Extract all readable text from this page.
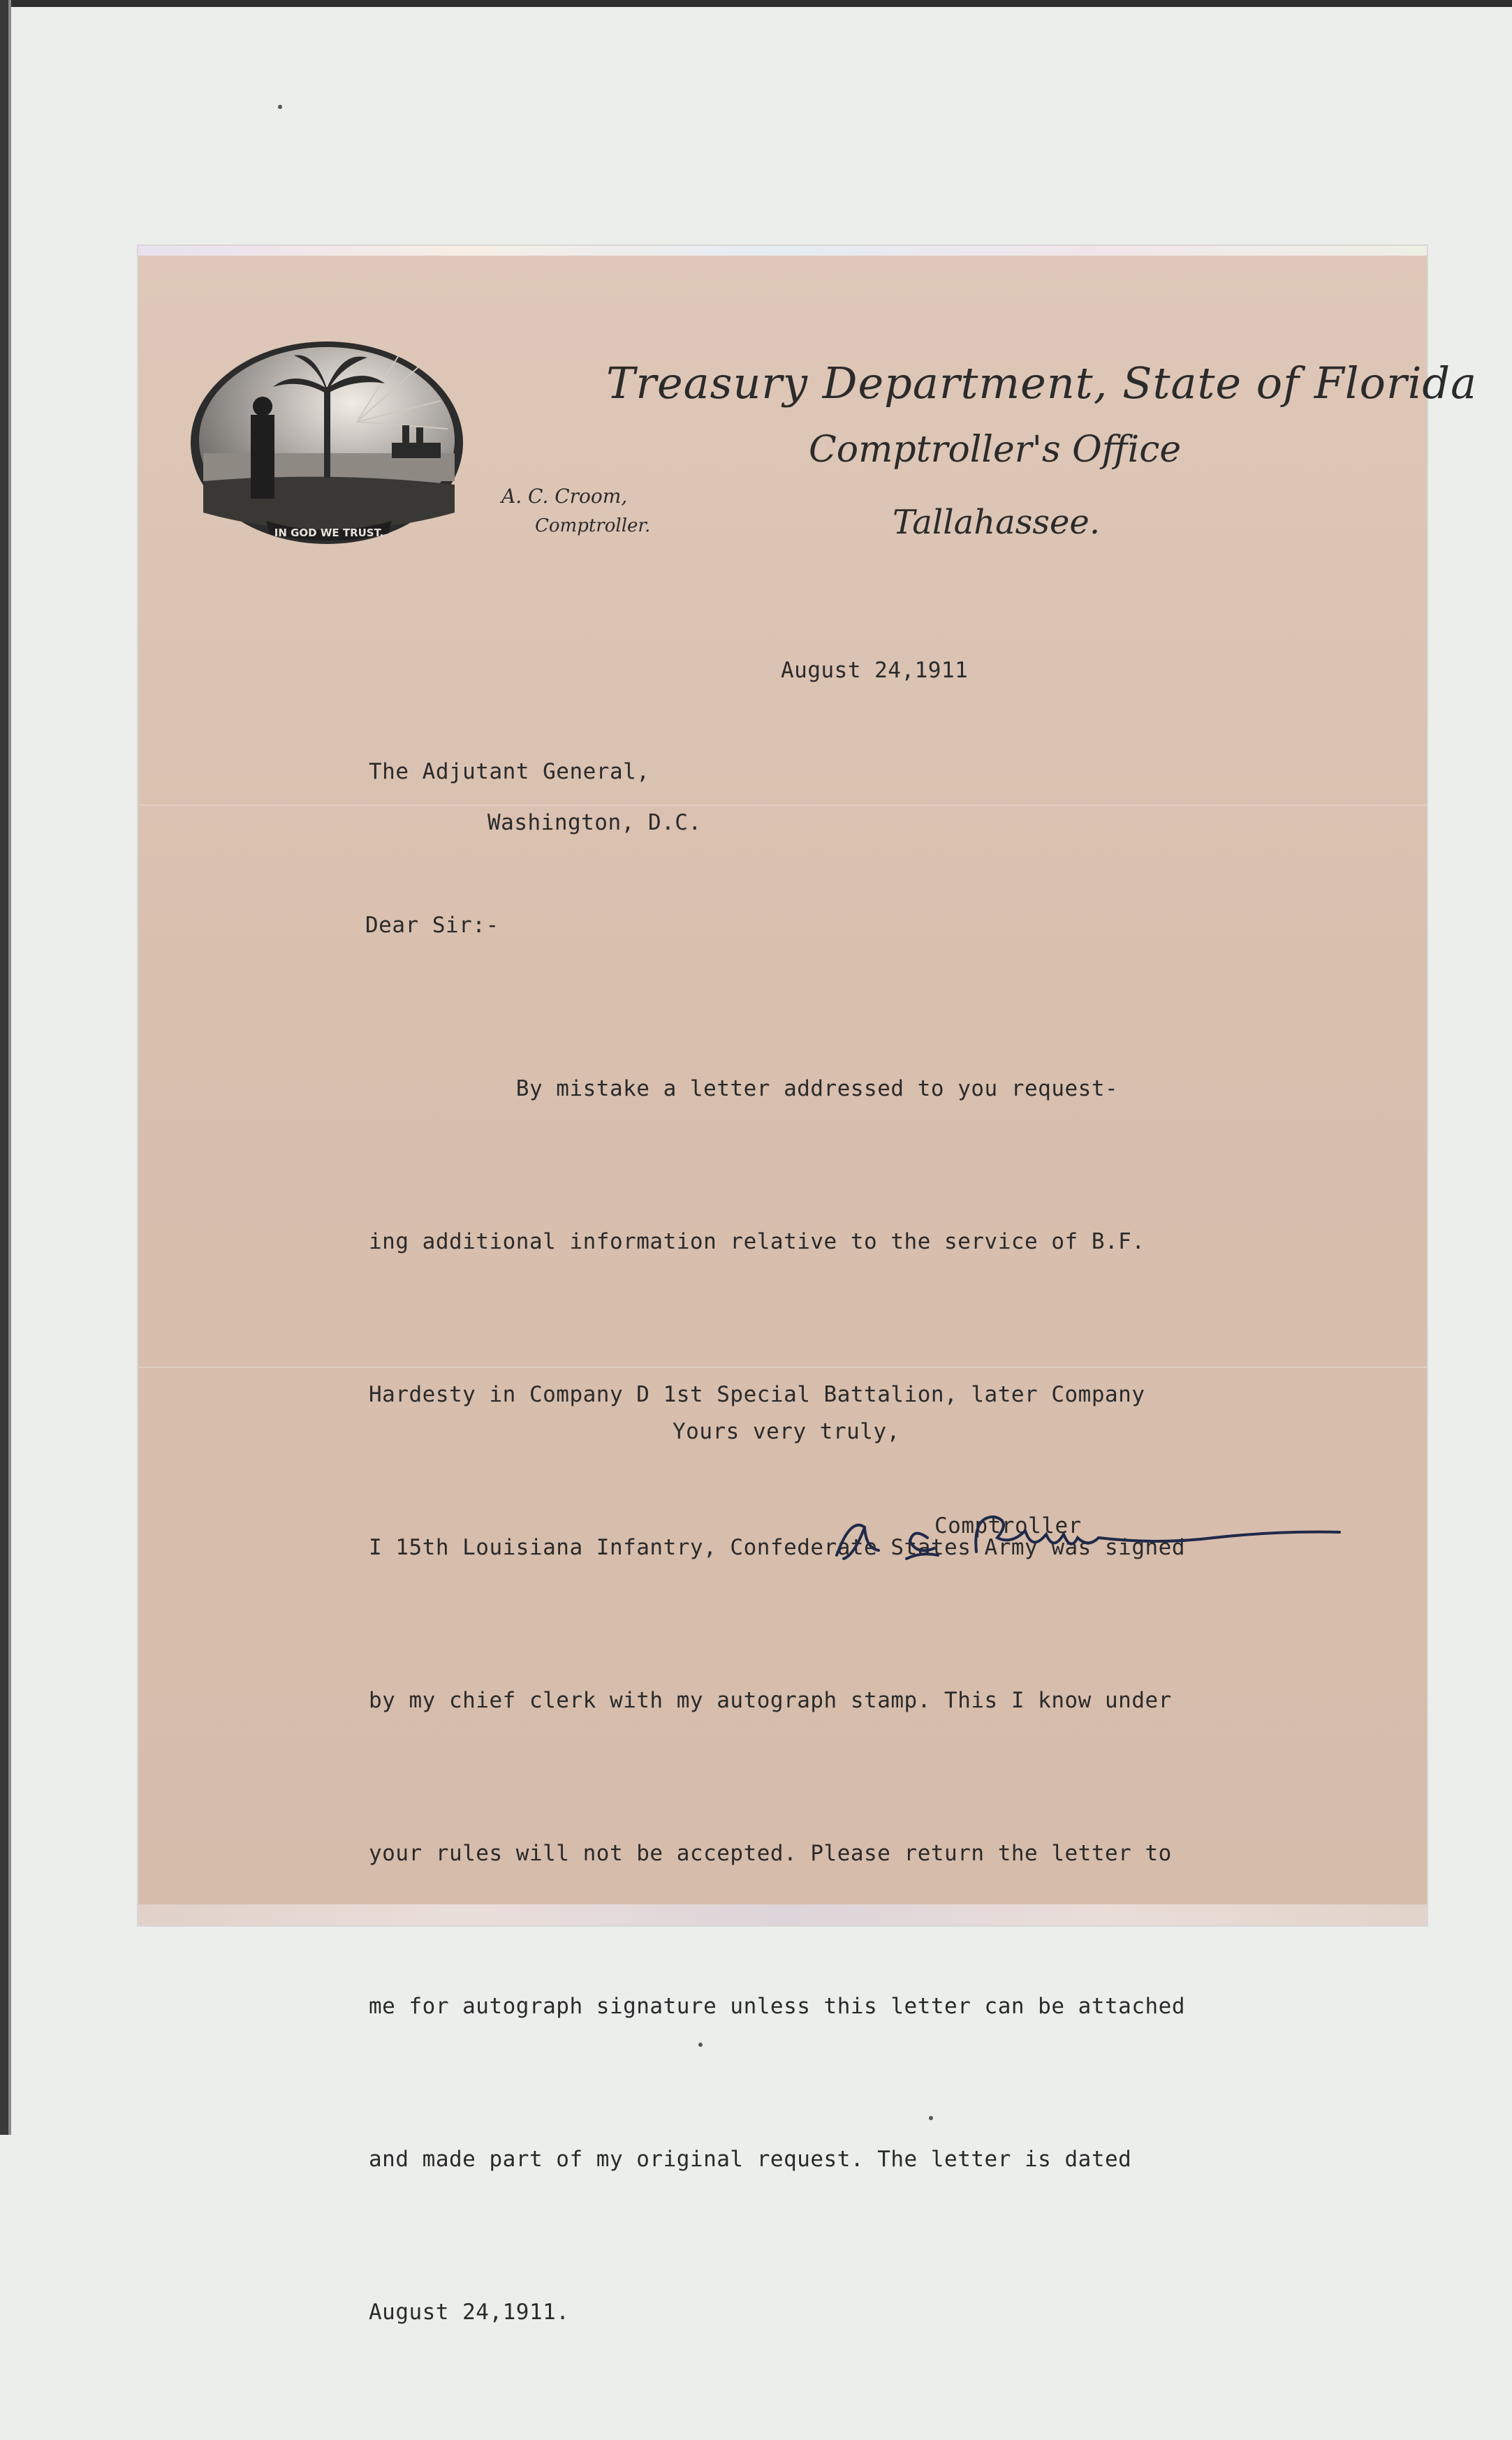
IN GOD WE TRUST.
Treasury Department, State of Florida
Comptroller's Office
Tallahassee.
A. C. Croom,
Comptroller.
August 24,1911
The Adjutant General,
Washington, D.C.
Dear Sir:-

By mistake a letter addressed to you request-

ing additional information relative to the service of B.F.

Hardesty in Company D 1st Special Battalion, later Company

I 15th Louisiana Infantry, Confederate States Army was signed

by my chief clerk with my autograph stamp. This I know under

your rules will not be accepted. Please return the letter to

me for autograph signature unless this letter can be attached

and made part of my original request. The letter is dated

August 24,1911.

Yours very truly,
Comptroller
